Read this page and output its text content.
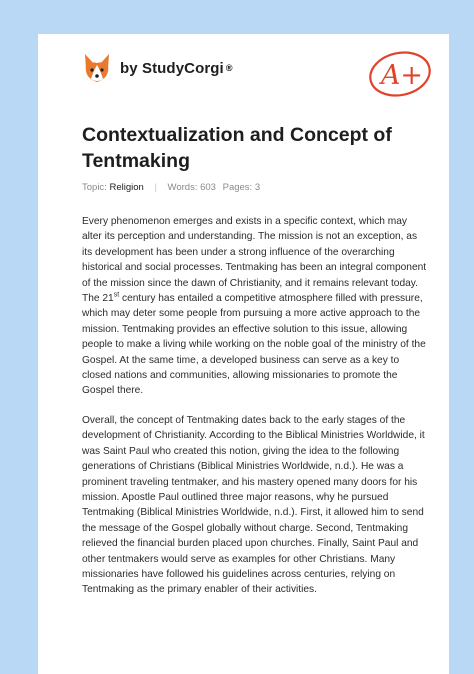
by StudyCorgi ®	A+
Contextualization and Concept of Tentmaking
Topic: Religion | Words: 603 Pages: 3

Every phenomenon emerges and exists in a specific context, which may alter its perception and understanding. The mission is not an exception, as its development has been under a strong influence of the overarching historical and social processes. Tentmaking has been an integral component of the mission since the dawn of Christianity, and it remains relevant today. The 21st century has entailed a competitive atmosphere filled with pressure, which may deter some people from pursuing a more active approach to the mission. Tentmaking provides an effective solution to this issue, allowing people to make a living while working on the noble goal of the ministry of the Gospel. At the same time, a developed business can serve as a key to closed nations and communities, allowing missionaries to promote the Gospel there.

Overall, the concept of Tentmaking dates back to the early stages of the development of Christianity. According to the Biblical Ministries Worldwide, it was Saint Paul who created this notion, giving the idea to the following generations of Christians (Biblical Ministries Worldwide, n.d.). He was a prominent traveling tentmaker, and his mastery opened many doors for his mission. Apostle Paul outlined three major reasons, why he pursued Tentmaking (Biblical Ministries Worldwide, n.d.). First, it allowed him to send the message of the Gospel globally without charge. Second, Tentmaking relieved the financial burden placed upon churches. Finally, Saint Paul and other tentmakers would serve as examples for other Christians. Many missionaries have followed his guidelines across centuries, relying on Tentmaking as the primary enabler of their activities.
